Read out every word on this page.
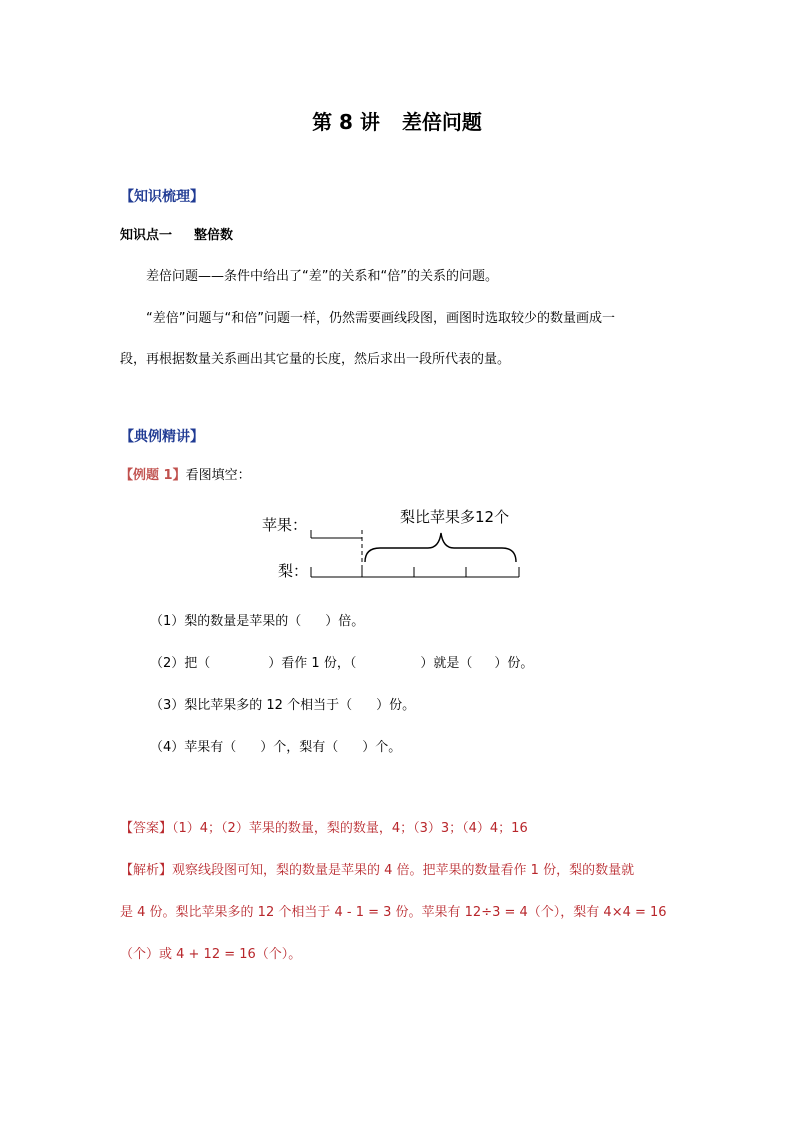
第 8 讲 差倍问题
【知识梳理】
知识点一 整倍数
差倍问题——条件中给出了“差”的关系和“倍”的关系的问题。
“差倍”问题与“和倍”问题一样，仍然需要画线段图，画图时选取较少的数量画成一
段，再根据数量关系画出其它量的长度，然后求出一段所代表的量。
【典例精讲】
【例题 1】看图填空：
苹果：
梨：
梨比苹果多12个
（1）梨的数量是苹果的（ ）倍。
（2）把（	）看作 1 份，（	）就是（ ）份。
（3）梨比苹果多的 12 个相当于（ ）份。
（4）苹果有（ ）个，梨有（ ）个。
【答案】（1）4；（2）苹果的数量，梨的数量，4；（3）3；（4）4；16
【解析】观察线段图可知，梨的数量是苹果的 4 倍。把苹果的数量看作 1 份，梨的数量就
是 4 份。梨比苹果多的 12 个相当于 4 - 1 = 3 份。苹果有 12÷3 = 4（个），梨有 4×4 = 16
（个）或 4 + 12 = 16（个）。
